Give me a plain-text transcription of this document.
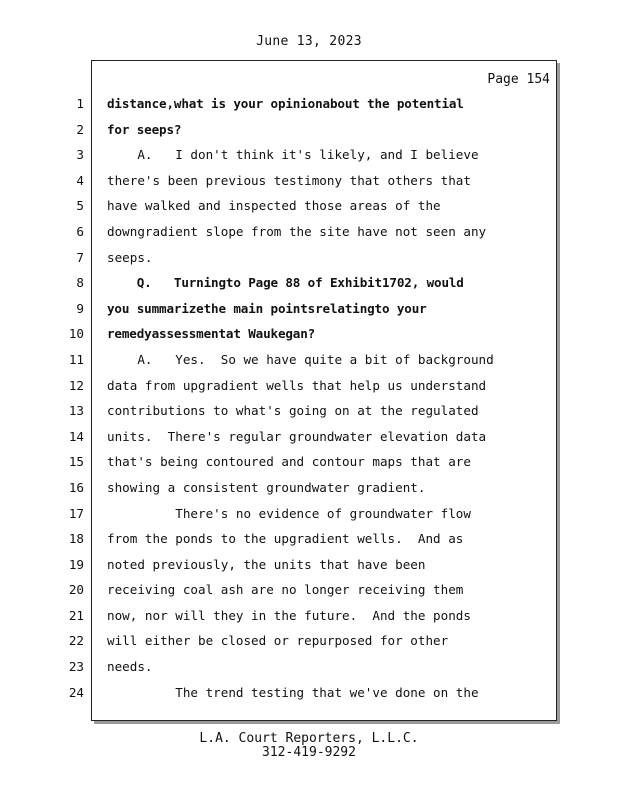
June 13, 2023
Page 154
1 distance,what is your opinionabout the potential
2 for seeps?
3 A.   I don't think it's likely, and I believe
4 there's been previous testimony that others that
5 have walked and inspected those areas of the
6 downgradient slope from the site have not seen any
7 seeps.
8 Q.   Turningto Page 88 of Exhibit1702, would
9 you summarizethe main pointsrelatingto your
10 remedyassessmentat Waukegan?
11 A.   Yes.  So we have quite a bit of background
12 data from upgradient wells that help us understand
13 contributions to what's going on at the regulated
14 units.  There's regular groundwater elevation data
15 that's being contoured and contour maps that are
16 showing a consistent groundwater gradient.
17 There's no evidence of groundwater flow
18 from the ponds to the upgradient wells.  And as
19 noted previously, the units that have been
20 receiving coal ash are no longer receiving them
21 now, nor will they in the future.  And the ponds
22 will either be closed or repurposed for other
23 needs.
24 The trend testing that we've done on the
L.A. Court Reporters, L.L.C.
312-419-9292
